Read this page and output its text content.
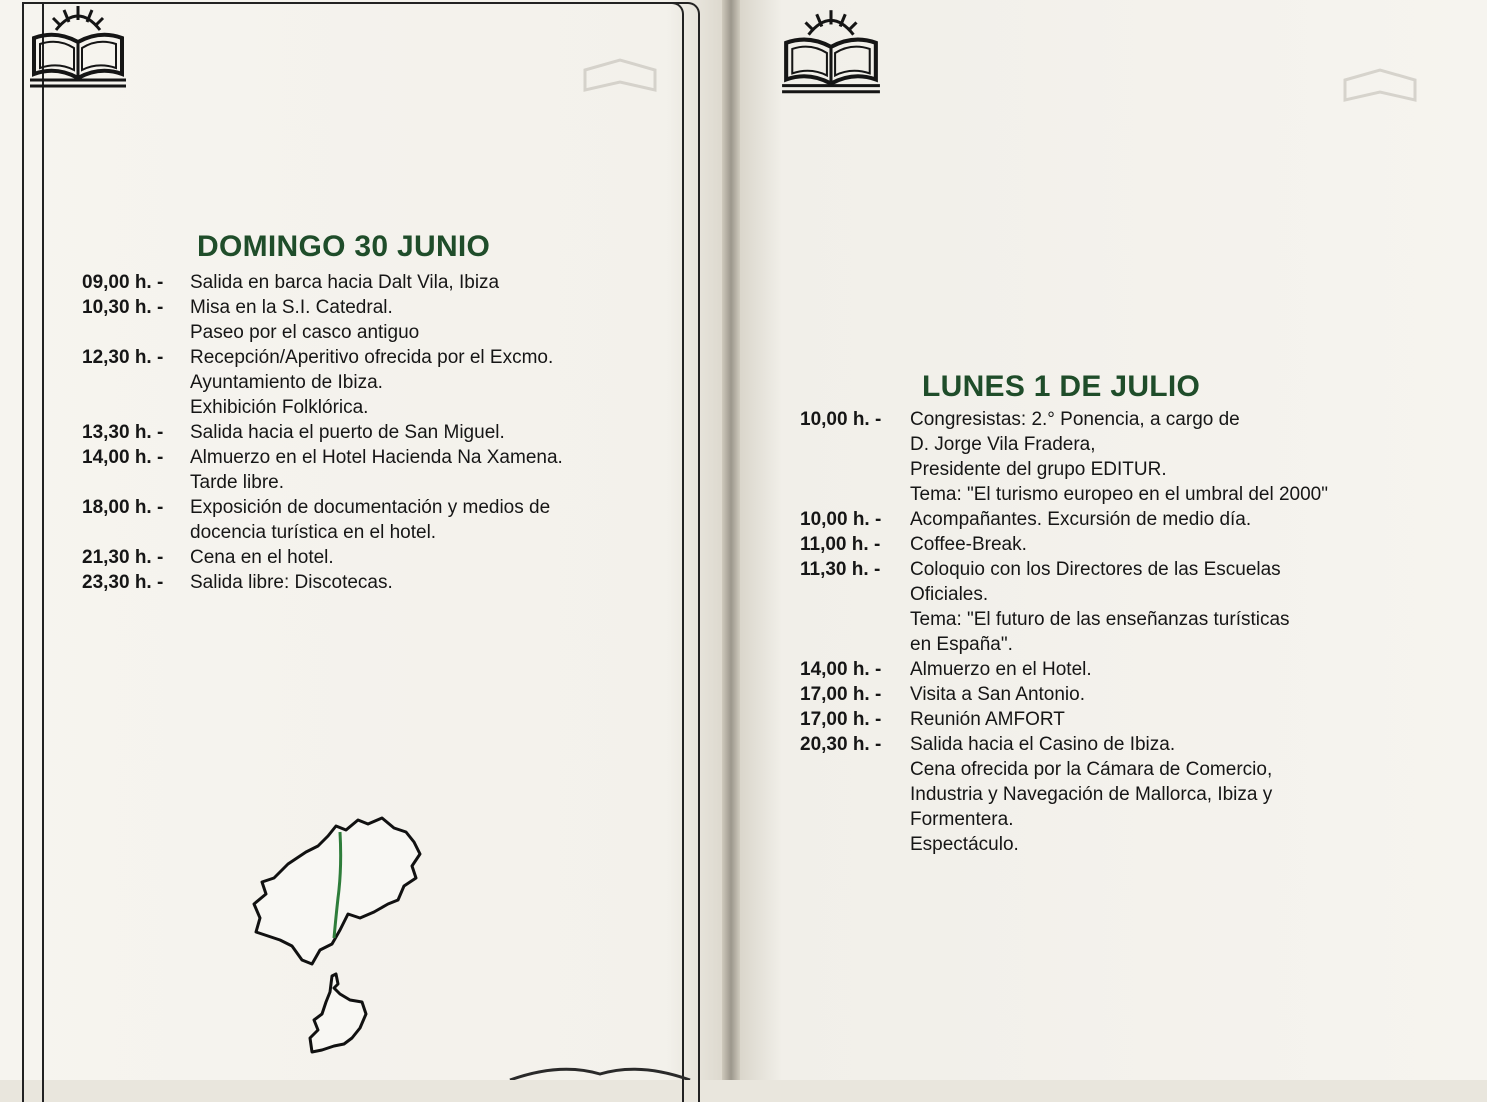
DOMINGO 30 JUNIO
LUNES 1 DE JULIO
09,00 h. -	Salida en barca hacia Dalt Vila, Ibiza
10,30 h. -	Misa en la S.I. Catedral.
Paseo por el casco antiguo
12,30 h. -	Recepción/Aperitivo ofrecida por el Excmo.
Ayuntamiento de Ibiza.
Exhibición Folklórica.
13,30 h. -	Salida hacia el puerto de San Miguel.
14,00 h. -	Almuerzo en el Hotel Hacienda Na Xamena.
Tarde libre.
18,00 h. -	Exposición de documentación y medios de
docencia turística en el hotel.
21,30 h. -	Cena en el hotel.
23,30 h. -	Salida libre: Discotecas.
10,00 h. -	Congresistas: 2.° Ponencia, a cargo de
D. Jorge Vila Fradera,
Presidente del grupo EDITUR.
Tema: "El turismo europeo en el umbral del 2000"
10,00 h. -	Acompañantes. Excursión de medio día.
11,00 h. -	Coffee-Break.
11,30 h. -	Coloquio con los Directores de las Escuelas
Oficiales.
Tema: "El futuro de las enseñanzas turísticas
en España".
14,00 h. -	Almuerzo en el Hotel.
17,00 h. -	Visita a San Antonio.
17,00 h. -	Reunión AMFORT
20,30 h. -	Salida hacia el Casino de Ibiza.
Cena ofrecida por la Cámara de Comercio,
Industria y Navegación de Mallorca, Ibiza y
Formentera.
Espectáculo.
